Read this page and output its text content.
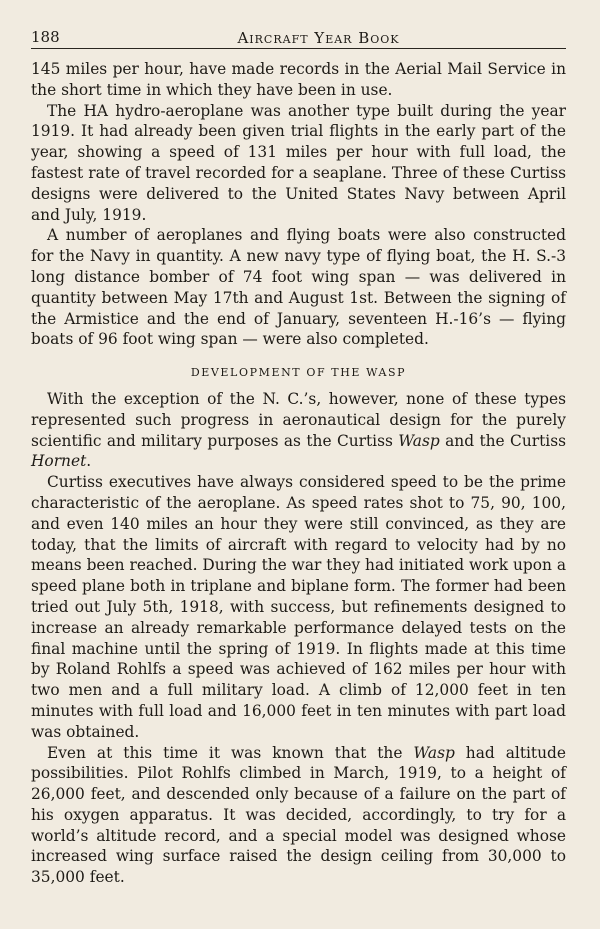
188	Aircraft Year Book

145 miles per hour, have made records in the Aerial Mail Service in the short time in which they have been in use.

The HA hydro-aeroplane was another type built during the year 1919. It had already been given trial flights in the early part of the year, showing a speed of 131 miles per hour with full load, the fastest rate of travel recorded for a seaplane. Three of these Curtiss designs were delivered to the United States Navy between April and July, 1919.

A number of aeroplanes and flying boats were also constructed for the Navy in quantity. A new navy type of flying boat, the H. S.-3 long distance bomber of 74 foot wing span — was delivered in quantity between May 17th and August 1st. Between the signing of the Armistice and the end of January, seventeen H.-16’s — flying boats of 96 foot wing span — were also completed.

DEVELOPMENT OF THE WASP

With the exception of the N. C.’s, however, none of these types represented such progress in aeronautical design for the purely scientific and military purposes as the Curtiss Wasp and the Curtiss Hornet.

Curtiss executives have always considered speed to be the prime characteristic of the aeroplane. As speed rates shot to 75, 90, 100, and even 140 miles an hour they were still convinced, as they are today, that the limits of aircraft with regard to velocity had by no means been reached. During the war they had initiated work upon a speed plane both in triplane and biplane form. The former had been tried out July 5th, 1918, with success, but refinements designed to increase an already remarkable performance delayed tests on the final machine until the spring of 1919. In flights made at this time by Roland Rohlfs a speed was achieved of 162 miles per hour with two men and a full military load. A climb of 12,000 feet in ten minutes with full load and 16,000 feet in ten minutes with part load was obtained.

Even at this time it was known that the Wasp had altitude possibilities. Pilot Rohlfs climbed in March, 1919, to a height of 26,000 feet, and descended only because of a failure on the part of his oxygen apparatus. It was decided, accordingly, to try for a world’s altitude record, and a special model was designed whose increased wing surface raised the design ceiling from 30,000 to 35,000 feet.
